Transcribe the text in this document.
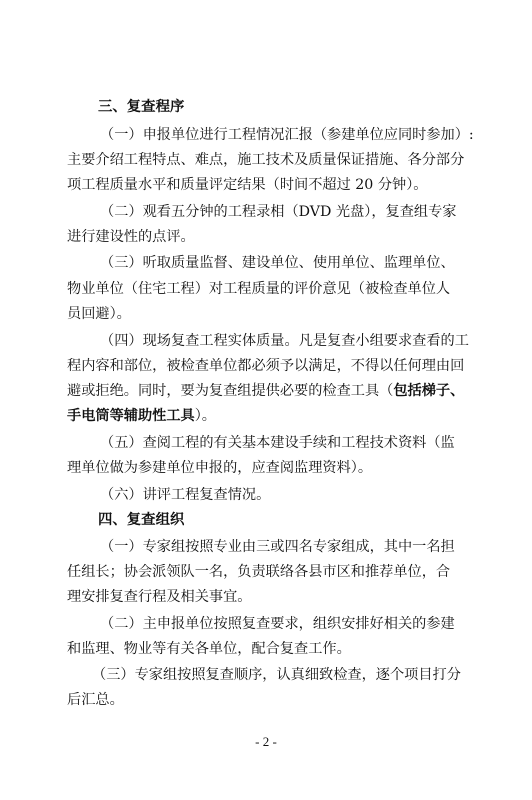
三、复查程序
（一）申报单位进行工程情况汇报（参建单位应同时参加）:
主要介绍工程特点、难点，施工技术及质量保证措施、各分部分
项工程质量水平和质量评定结果（时间不超过 20 分钟）。
（二）观看五分钟的工程录相（DVD 光盘），复查组专家
进行建设性的点评。
（三）听取质量监督、建设单位、使用单位、监理单位、
物业单位（住宅工程）对工程质量的评价意见（被检查单位人
员回避）。
（四）现场复查工程实体质量。凡是复查小组要求查看的工
程内容和部位，被检查单位都必须予以满足，不得以任何理由回
避或拒绝。同时，要为复查组提供必要的检查工具（包括梯子、
手电筒等辅助性工具）。
（五）查阅工程的有关基本建设手续和工程技术资料（监
理单位做为参建单位申报的，应查阅监理资料）。
（六）讲评工程复查情况。
四、复查组织
（一）专家组按照专业由三或四名专家组成，其中一名担
任组长；协会派领队一名，负责联络各县市区和推荐单位，合
理安排复查行程及相关事宜。
（二）主申报单位按照复查要求，组织安排好相关的参建
和监理、物业等有关各单位，配合复查工作。
（三）专家组按照复查顺序，认真细致检查，逐个项目打分
后汇总。
- 2 -
